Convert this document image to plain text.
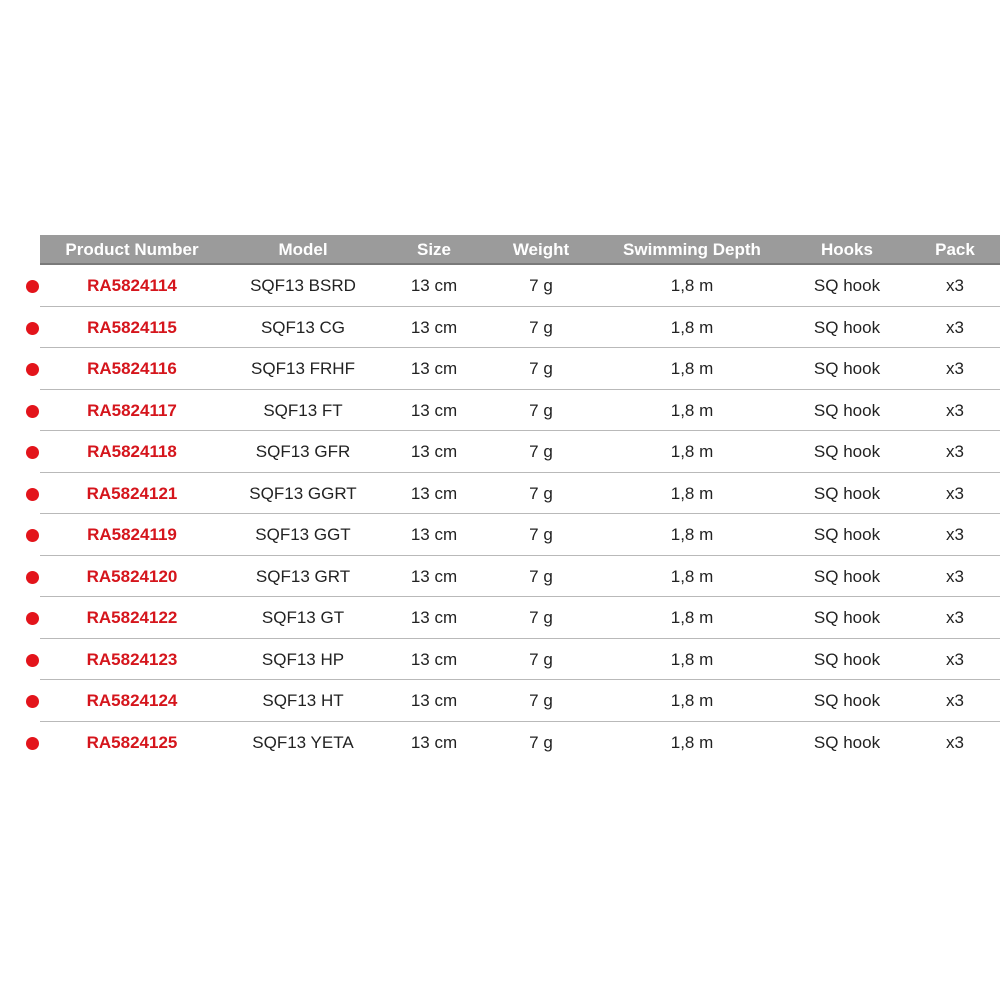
Product Number	Model	Size	Weight	Swimming Depth	Hooks	Pack
RA5824114	SQF13 BSRD	13 cm	7 g	1,8 m	SQ hook	x3
RA5824115	SQF13 CG	13 cm	7 g	1,8 m	SQ hook	x3
RA5824116	SQF13 FRHF	13 cm	7 g	1,8 m	SQ hook	x3
RA5824117	SQF13 FT	13 cm	7 g	1,8 m	SQ hook	x3
RA5824118	SQF13 GFR	13 cm	7 g	1,8 m	SQ hook	x3
RA5824121	SQF13 GGRT	13 cm	7 g	1,8 m	SQ hook	x3
RA5824119	SQF13 GGT	13 cm	7 g	1,8 m	SQ hook	x3
RA5824120	SQF13 GRT	13 cm	7 g	1,8 m	SQ hook	x3
RA5824122	SQF13 GT	13 cm	7 g	1,8 m	SQ hook	x3
RA5824123	SQF13 HP	13 cm	7 g	1,8 m	SQ hook	x3
RA5824124	SQF13 HT	13 cm	7 g	1,8 m	SQ hook	x3
RA5824125	SQF13 YETA	13 cm	7 g	1,8 m	SQ hook	x3
